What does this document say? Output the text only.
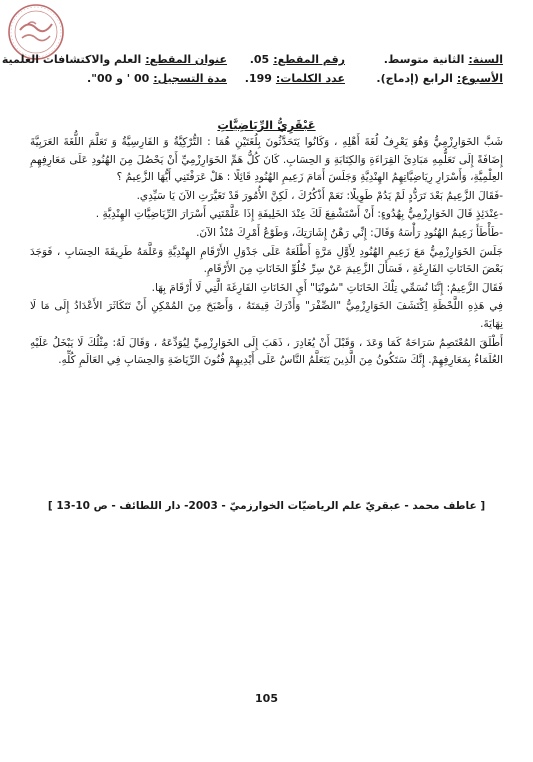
السنة:
الثانية متوسط.
رقم المقطع:
05.
عنوان المقطع:
العلم والاكتشافات العلمية
الأسبوع:
الرابع (إدماج).
عدد الكلمات:
199.
مدة التسجيل:
00 ' و 00".
عَبْقَرِيُّ الرِّيَاضِيَّاتِ

شَبَّ الخَوَارِزْمِيُّ وَهُوَ يَعْرِفُ لُغَةَ أَهْلِهِ ، وَكَانُوا يَتَحَدَّثُونَ بِلُغَتَيْنِ هُمَا : التُّرْكِيَّةُ وَ الفَارِسِيَّةُ وَ تَعَلَّمَ اللُّغَةَ العَرَبِيَّةَ إِضَافَةً إِلَى تَعَلُّمِهِ مَبَادِئَ القِرَاءَةِ وَالكِتَابَةِ وَ الحِسَابِ. كَانَ كُلُّ هَمِّ الخَوَارِزْمِيِّ أَنْ يَحْصُلَ مِنَ الهُنُودِ عَلَى مَعَارِفِهِمِ العِلْمِيَّةِ، وَأَسْرَارِ رِيَاضِيَّاتِهِمُ الهِنْدِيَّةِ وَجَلَسَ أَمَامَ زَعِيمِ الهُنُودِ قَائِلًا : هَلْ عَرَفْتَنِي أَيُّهَا الزَّعِيمُ ؟

-فَقَالَ الزَّعِيمُ بَعْدَ تَرَدُّدٍ لَمْ يَدُمْ طَوِيلًا: نَعَمْ أَذْكُرُكَ ، لَكِنَّ الأُمُورَ قَدْ تَغَيَّرَتِ الآنَ يَا سَيِّدِي.

-عِنْدَئِذٍ قَالَ الخَوَارِزْمِيُّ بِهُدُوءٍ: أَنْ أَسْتَشْفِعَ لَكَ عِنْدَ الخَلِيفَةِ إِذَا عَلَّمْتَنِي أَسْرَارَ الرِّيَاضِيَّاتِ الهِنْدِيَّةِ .

-طَأْطَأَ زَعِيمُ الهُنُودِ رَأْسَهُ وَقَالَ: إِنِّي رَهْنُ إِشَارَتِكَ، وَطَوْعُ أَمْرِكَ مُنْذُ الآنَ.

جَلَسَ الخَوَارِزْمِيُّ مَعَ زَعِيمِ الهُنُودِ لِأَوَّلِ مَرَّةٍ أَطْلَعَهُ عَلَى جَدْوَلِ الأَرْقَامِ الهِنْدِيَّةِ وَعَلَّمَهُ طَرِيقَةَ الحِسَابِ ، فَوَجَدَ بَعْضَ الخَانَاتِ الفَارِغَةِ ، فَسَأَلَ الزَّعِيمَ عَنْ سِرِّ خُلُوِّ الخَانَاتِ مِنَ الأَرْقَامِ.

فَقَالَ الزَّعِيمُ: إِنَّنَا نُسَمِّي تِلْكَ الخَانَاتِ "سُونْيَا" أَيِ الخَانَاتِ الفَارِغَةَ الَّتِي لَا أَرْقَامَ بِهَا.

فِي هَذِهِ اللَّحْظَةِ اِكْتَشَفَ الخَوَارِزْمِيُّ "الصِّفْرَ" وَأَدْرَكَ قِيمَتَهُ ، وَأَصْبَحَ مِنَ المُمْكِنِ أَنْ تَتَكَاثَرَ الأَعْدَادُ إِلَى مَا لَا نِهَايَةَ.

أَطْلَقَ المُعْتَصِمُ سَرَاحَهُ كَمَا وَعَدَ ، وَقَبْلَ أَنْ يُغَادِرَ ، ذَهَبَ إِلَى الخَوَارِزْمِيِّ لِيُوَدِّعَهُ ، وَقَالَ لَهُ: مِثْلُكَ لَا يَبْخَلُ عَلَيْهِ العُلَمَاءُ بِمَعَارِفِهِمْ. إِنَّكَ سَتَكُونُ مِنَ الَّذِينَ يَتَعَلَّمُ النَّاسُ عَلَى أَيْدِيهِمْ فُنُونَ الرِّيَاضَةِ وَالحِسَابِ فِي العَالَمِ كُلِّهِ.

[ عاطف محمد - عبقريّ علم الرياضيّات الخوارزميّ - 2003- دار اللطائف - ص 10-13 ]
105
